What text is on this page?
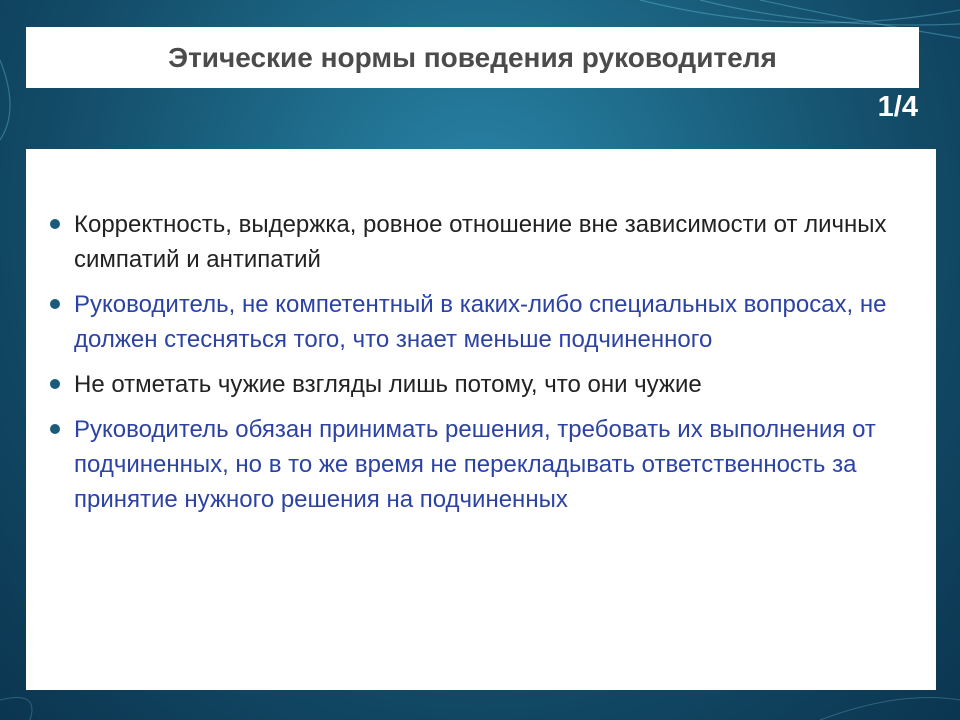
Этические нормы поведения руководителя
1/4
Корректность, выдержка, ровное отношение вне зависимости от личных симпатий и антипатий
Руководитель, не компетентный в каких-либо специальных вопросах, не должен стесняться того, что знает меньше подчиненного
Не отметать чужие взгляды лишь потому, что они чужие
Руководитель обязан принимать решения, требовать их выполнения от подчиненных, но в то же время не перекладывать ответственность за принятие нужного решения на подчиненных
